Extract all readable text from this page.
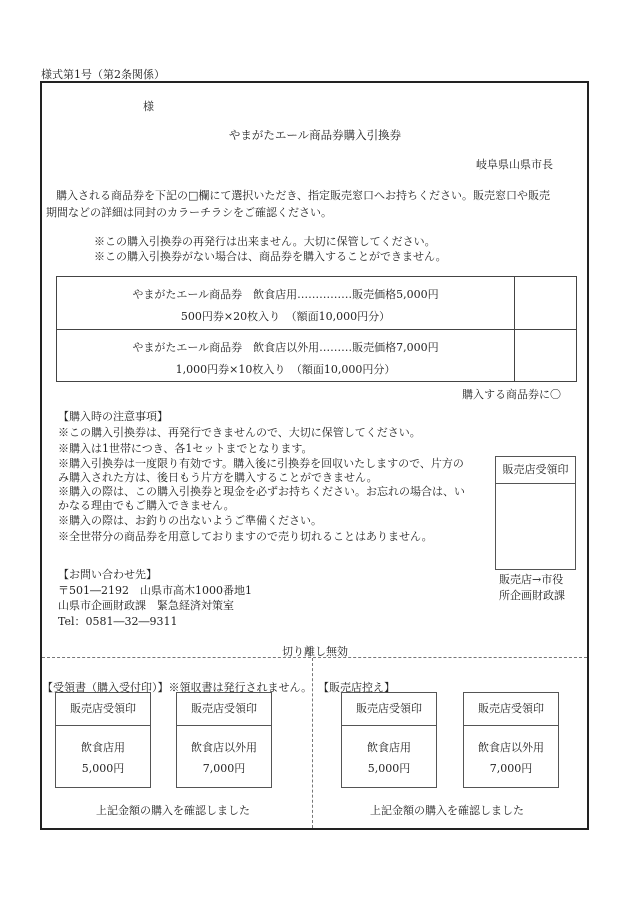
様式第1号（第2条関係）
様
やまがたエール商品券購入引換券
岐阜県山県市長
購入される商品券を下記の□欄にて選択いただき、指定販売窓口へお持ちください。販売窓口や販売
期間などの詳細は同封のカラーチラシをご確認ください。
※この購入引換券の再発行は出来ません。大切に保管してください。
※この購入引換券がない場合は、商品券を購入することができません。
やまがたエール商品券　飲食店用……………販売価格5,000円
500円券×20枚入り　（額面10,000円分）
やまがたエール商品券　飲食店以外用………販売価格7,000円
1,000円券×10枚入り　（額面10,000円分）
購入する商品券に〇
【購入時の注意事項】
※この購入引換券は、再発行できませんので、大切に保管してください。
※購入は1世帯につき、各1セットまでとなります。
※購入引換券は一度限り有効です。購入後に引換券を回収いたしますので、片方の
み購入された方は、後日もう片方を購入することができません。
※購入の際は、この購入引換券と現金を必ずお持ちください。お忘れの場合は、い
かなる理由でもご購入できません。
※購入の際は、お釣りの出ないようご準備ください。
※全世帯分の商品券を用意しておりますので売り切れることはありません。
販売店受領印
販売店→市役
所企画財政課
【お問い合わせ先】
〒501―2192　山県市高木1000番地1
山県市企画財政課　緊急経済対策室
Tel：0581―32―9311
切り離し無効
【受領書（購入受付印）】※領収書は発行されません。 【販売店控え】
販売店受領印
飲食店用
5,000円
販売店受領印
飲食店以外用
7,000円
上記金額の購入を確認しました
販売店受領印
飲食店用
5,000円
販売店受領印
飲食店以外用
7,000円
上記金額の購入を確認しました
